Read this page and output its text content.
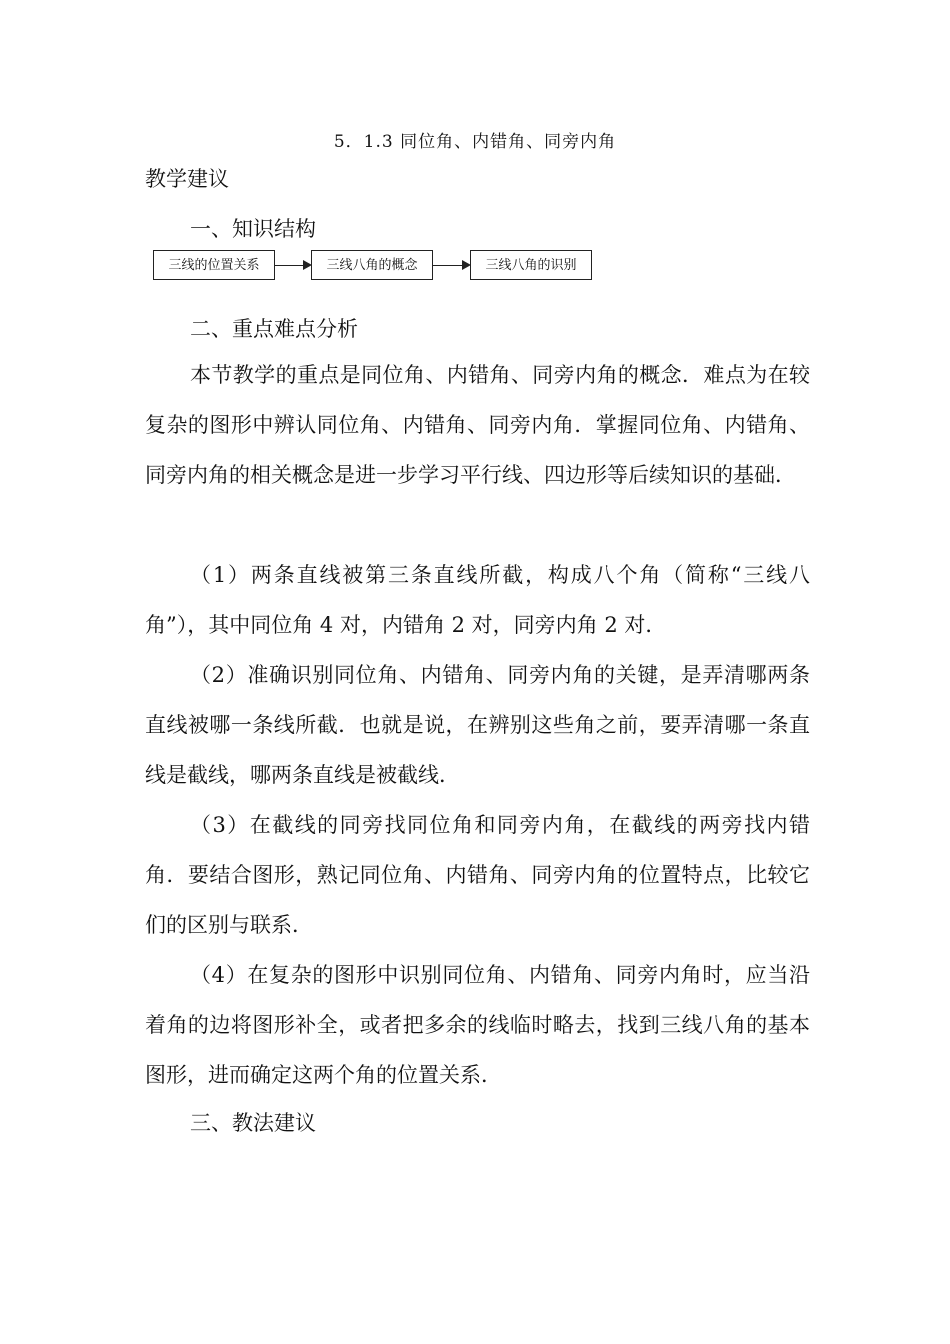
5．1.3 同位角、内错角、同旁内角
教学建议
一、知识结构
三线的位置关系	三线八角的概念	三线八角的识别
二、重点难点分析
本节教学的重点是同位角、内错角、同旁内角的概念．难点为在较复杂的图形中辨认同位角、内错角、同旁内角．掌握同位角、内错角、同旁内角的相关概念是进一步学习平行线、四边形等后续知识的基础．
（1）两条直线被第三条直线所截，构成八个角（简称“三线八角”），其中同位角 4 对，内错角 2 对，同旁内角 2 对．
（2）准确识别同位角、内错角、同旁内角的关键，是弄清哪两条直线被哪一条线所截．也就是说，在辨别这些角之前，要弄清哪一条直线是截线，哪两条直线是被截线．
（3）在截线的同旁找同位角和同旁内角，在截线的两旁找内错角．要结合图形，熟记同位角、内错角、同旁内角的位置特点，比较它们的区别与联系．
（4）在复杂的图形中识别同位角、内错角、同旁内角时，应当沿着角的边将图形补全，或者把多余的线临时略去，找到三线八角的基本图形，进而确定这两个角的位置关系．
三、教法建议
